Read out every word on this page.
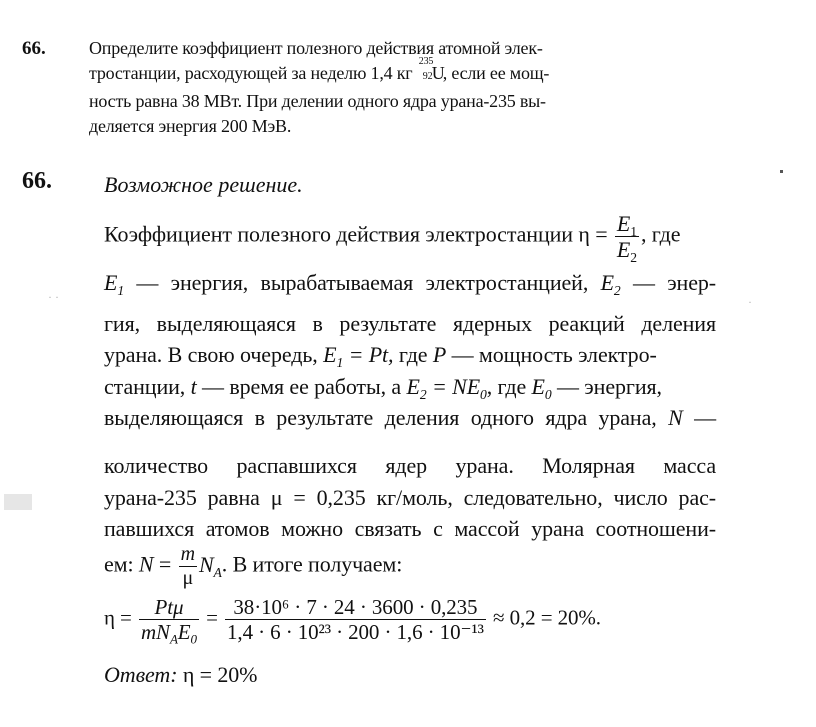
66. Определите коэффициент полезного действия атомной элек-
тростанции, расходующей за неделю 1,4 кг
235
92 U
, если ее мощ-
ность равна 38 МВт. При делении одного ядра урана-235 вы-
деляется энергия 200 МэВ.
66. Возможное решение.
Коэффициент полезного действия электростанции $\eta = \frac{E_1}{E_2}$ , где
$E_1$ — энергия, вырабатываемая электростанцией, $E_2$ — энер-
гия, выделяющаяся в результате ядерных реакций деления
урана. В свою очередь, $E_1 = Pt$, где P — мощность электро-
станции, t — время ее работы, а $E_2 = NE_0$, где $E_0$ — энергия,
выделяющаяся в результате деления одного ядра урана, N —
количество распавшихся ядер урана. Молярная масса
урана-235 равна μ = 0,235 кг/моль, следовательно, число рас-
павшихся атомов можно связать с массой урана соотношени-
ем: $N = \frac{m}{\mu} N_A$. В итоге получаем:
$\eta = \frac{\text{Ptμ}}{mN_AE_0} = \frac{\text{38·10⁶ · 7 · 24 · 3600 · 0,235}}{\text{1,4 · 6 · 10²³ · 200 · 1,6 · 10⁻¹³}} \approx 0,2 = 20\%$.
Ответ: η = 20%
· ·	·
